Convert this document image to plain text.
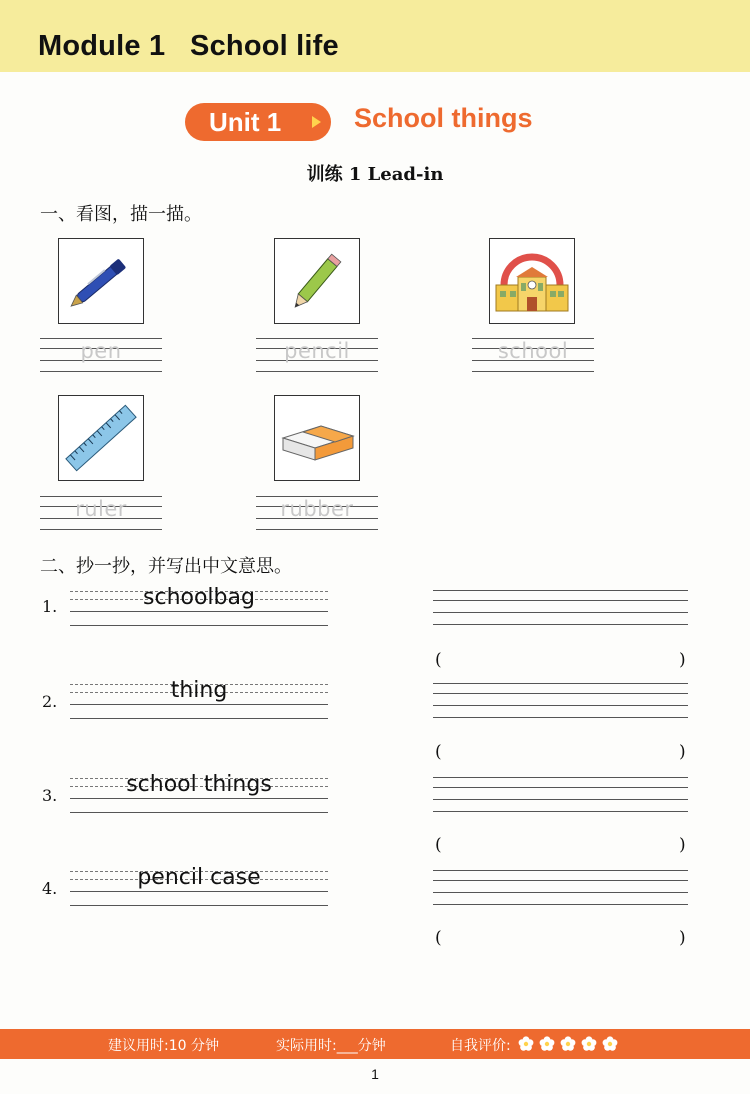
Module 1   School life
Unit 1	School things
训练 1 Lead-in
一、看图，描一描。
pen	pencil	school
ruler	rubber
二、抄一抄，并写出中文意思。
1.	schoolbag
(	)
2.	thing
(	)
3.	school things
(	)
4.	pencil case
(	)
建议用时:10 分钟	实际用时:___分钟	自我评价:
1
